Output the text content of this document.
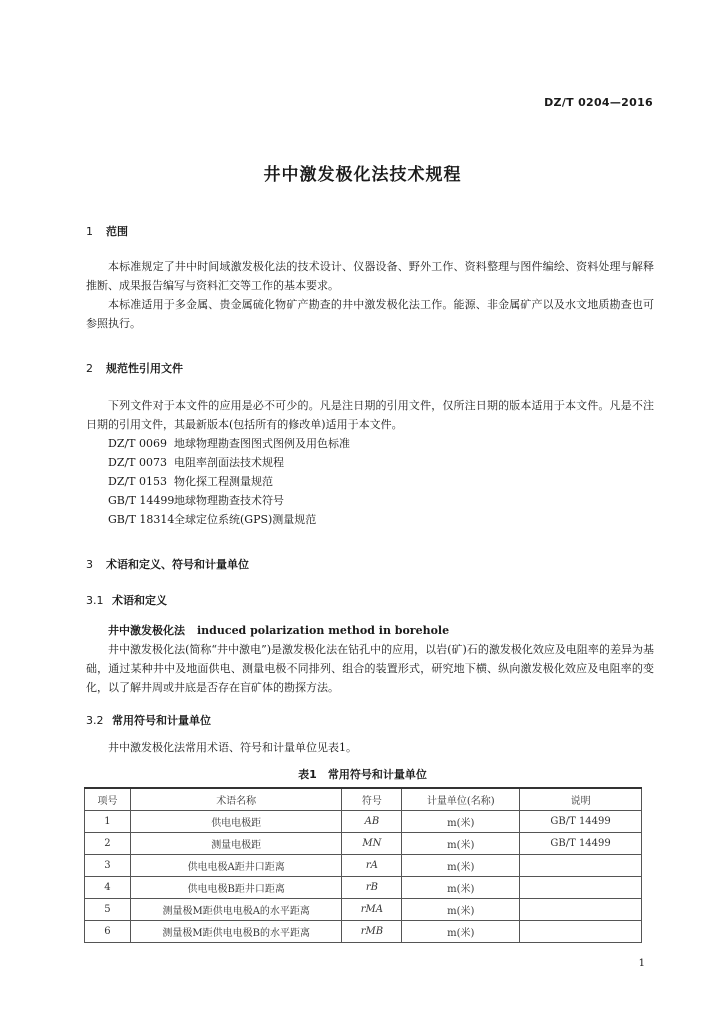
DZ/T 0204—2016
井中激发极化法技术规程
1 范围
本标准规定了井中时间域激发极化法的技术设计、仪器设备、野外工作、资料整理与图件编绘、资料处理与解释推断、成果报告编写与资料汇交等工作的基本要求。
本标准适用于多金属、贵金属硫化物矿产勘查的井中激发极化法工作。能源、非金属矿产以及水文地质勘查也可参照执行。
2 规范性引用文件
下列文件对于本文件的应用是必不可少的。凡是注日期的引用文件，仅所注日期的版本适用于本文件。凡是不注日期的引用文件，其最新版本(包括所有的修改单)适用于本文件。
DZ/T 0069 地球物理勘查图图式图例及用色标准
DZ/T 0073 电阻率剖面法技术规程
DZ/T 0153 物化探工程测量规范
GB/T 14499地球物理勘查技术符号
GB/T 18314全球定位系统(GPS)测量规范
3 术语和定义、符号和计量单位
3.1 术语和定义
井中激发极化法 induced polarization method in borehole
井中激发极化法(简称“井中激电”)是激发极化法在钻孔中的应用，以岩(矿)石的激发极化效应及电阻率的差异为基础，通过某种井中及地面供电、测量电极不同排列、组合的装置形式，研究地下横、纵向激发极化效应及电阻率的变化，以了解井周或井底是否存在盲矿体的勘探方法。
3.2 常用符号和计量单位
井中激发极化法常用术语、符号和计量单位见表1。
表1　常用符号和计量单位
项号	术语名称	符号	计量单位(名称)	说明
1	供电电极距	AB	m(米)	GB/T 14499
2	测量电极距	MN	m(米)	GB/T 14499
3	供电电极A距井口距离	rA	m(米)	
4	供电电极B距井口距离	rB	m(米)	
5	测量极M距供电电极A的水平距离	rMA	m(米)	
6	测量极M距供电电极B的水平距离	rMB	m(米)	
1
